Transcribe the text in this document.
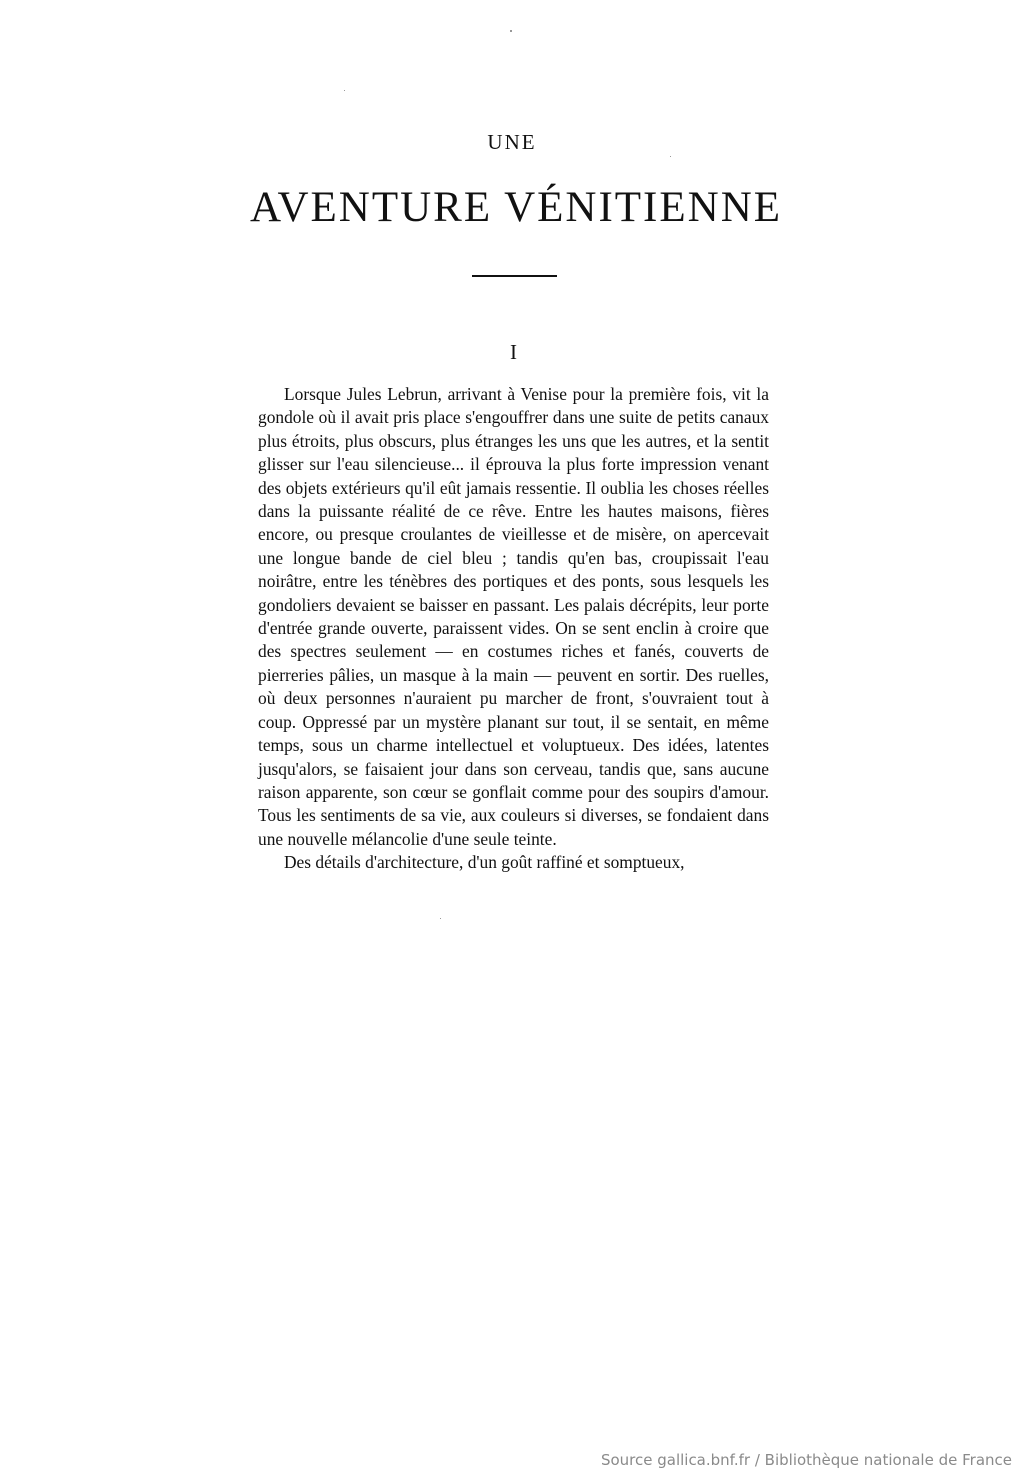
UNE
AVENTURE VÉNITIENNE
I

Lorsque Jules Lebrun, arrivant à Venise pour la première fois, vit la gondole où il avait pris place s'engouffrer dans une suite de petits canaux plus étroits, plus obscurs, plus étranges les uns que les autres, et la sentit glisser sur l'eau silencieuse... il éprouva la plus forte impression venant des objets extérieurs qu'il eût jamais ressentie. Il oublia les choses réelles dans la puissante réalité de ce rêve. Entre les hautes maisons, fières encore, ou presque croulantes de vieillesse et de misère, on apercevait une longue bande de ciel bleu ; tandis qu'en bas, croupissait l'eau noirâtre, entre les ténèbres des portiques et des ponts, sous lesquels les gondoliers devaient se baisser en passant. Les palais décrépits, leur porte d'entrée grande ouverte, paraissent vides. On se sent enclin à croire que des spectres seulement — en costumes riches et fanés, couverts de pierreries pâlies, un masque à la main — peuvent en sortir. Des ruelles, où deux personnes n'auraient pu marcher de front, s'ouvraient tout à coup. Oppressé par un mystère planant sur tout, il se sentait, en même temps, sous un charme intellectuel et voluptueux. Des idées, latentes jusqu'alors, se faisaient jour dans son cerveau, tandis que, sans aucune raison apparente, son cœur se gonflait comme pour des soupirs d'amour. Tous les sentiments de sa vie, aux couleurs si diverses, se fondaient dans une nouvelle mélancolie d'une seule teinte.

Des détails d'architecture, d'un goût raffiné et somptueux,

Source gallica.bnf.fr / Bibliothèque nationale de France
